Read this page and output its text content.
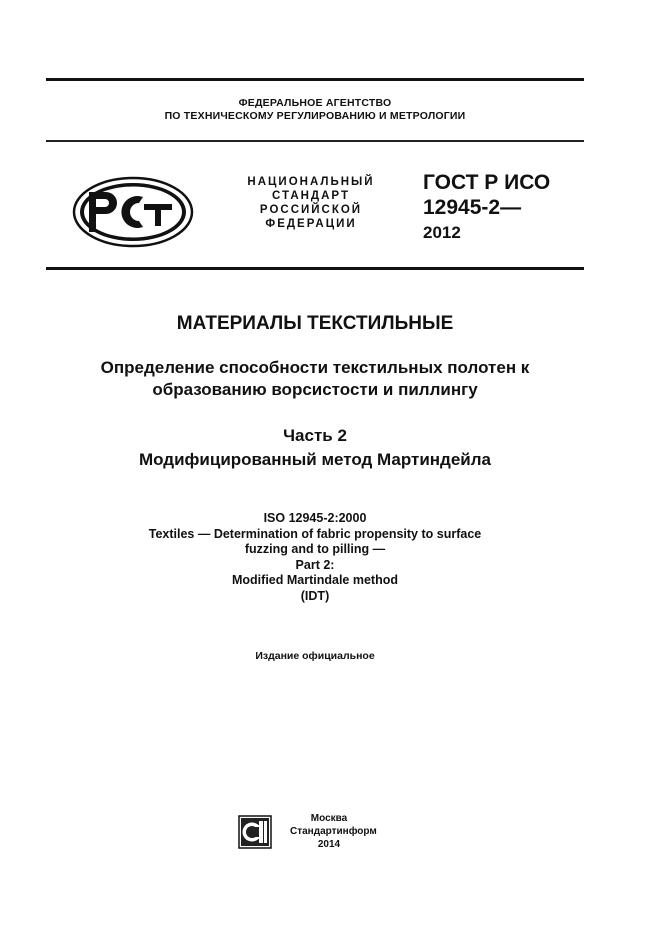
ФЕДЕРАЛЬНОЕ АГЕНТСТВО
ПО ТЕХНИЧЕСКОМУ РЕГУЛИРОВАНИЮ И МЕТРОЛОГИИ
НАЦИОНАЛЬНЫЙ
СТАНДАРТ
РОССИЙСКОЙ
ФЕДЕРАЦИИ
ГОСТ Р ИСО
12945-2—
2012
МАТЕРИАЛЫ ТЕКСТИЛЬНЫЕ
Определение способности текстильных полотен к
образованию ворсистости и пиллингу
Часть 2
Модифицированный метод Мартиндейла
ISO 12945-2:2000
Textiles — Determination of fabric propensity to surface
fuzzing and to pilling —
Part 2:
Modified Martindale method
(IDT)
Издание официальное
Москва
Стандартинформ
2014
